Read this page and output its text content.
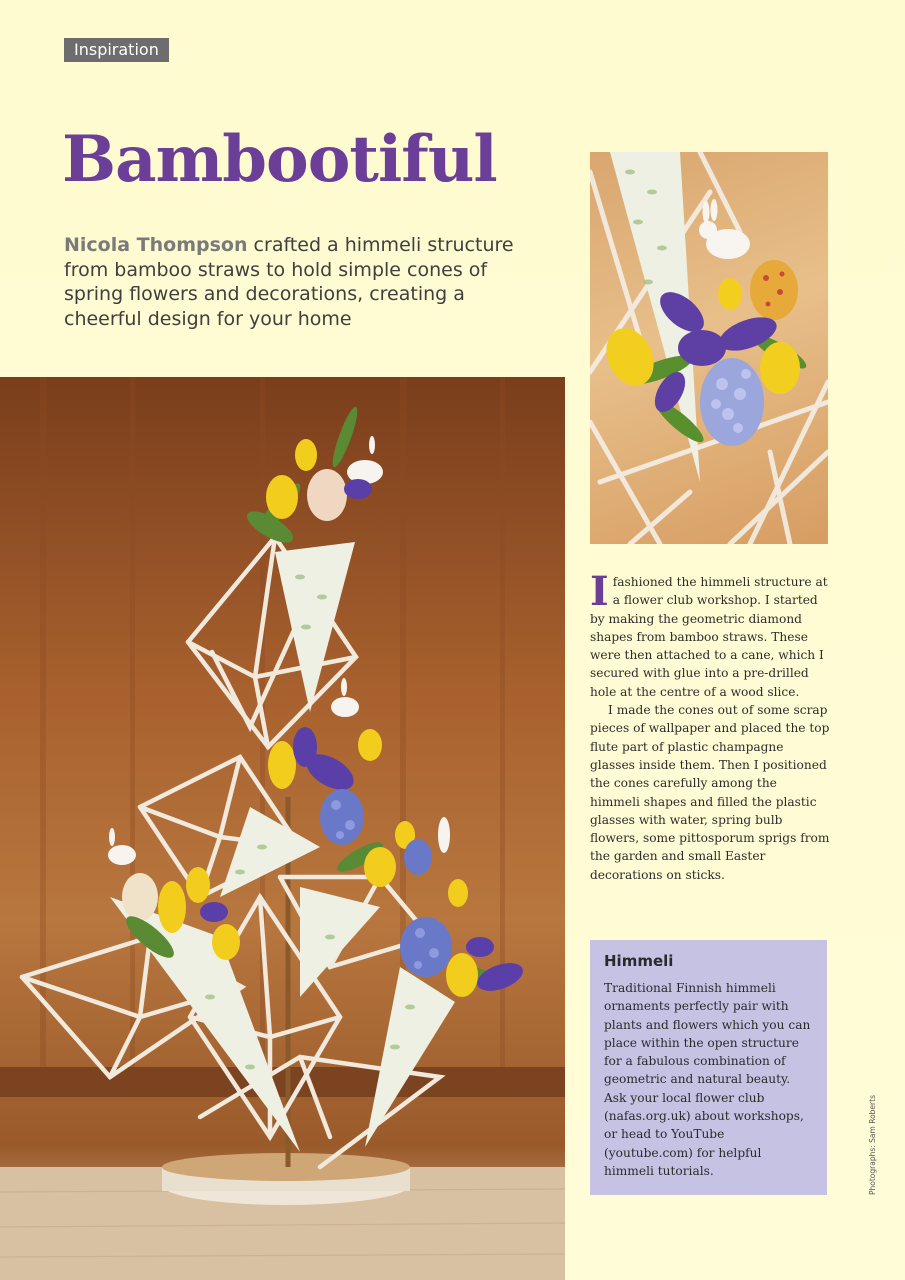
Inspiration
Bambootiful
Nicola Thompson crafted a himmeli structure from bamboo straws to hold simple cones of spring flowers and decorations, creating a cheerful design for your home

Ifashioned the himmeli structure at a flower club workshop. I started by making the geometric diamond shapes from bamboo straws. These were then attached to a cane, which I secured with glue into a pre-drilled hole at the centre of a wood slice.

I made the cones out of some scrap pieces of wallpaper and placed the top flute part of plastic champagne glasses inside them. Then I positioned the cones carefully among the himmeli shapes and filled the plastic glasses with water, spring bulb flowers, some pittosporum sprigs from the garden and small Easter decorations on sticks.

Himmeli
Traditional Finnish himmeli ornaments perfectly pair with plants and flowers which you can place within the open structure for a fabulous combination of geometric and natural beauty. Ask your local flower club (nafas.org.uk) about workshops, or head to YouTube (youtube.com) for helpful himmeli tutorials.	Photographs: Sam Roberts
